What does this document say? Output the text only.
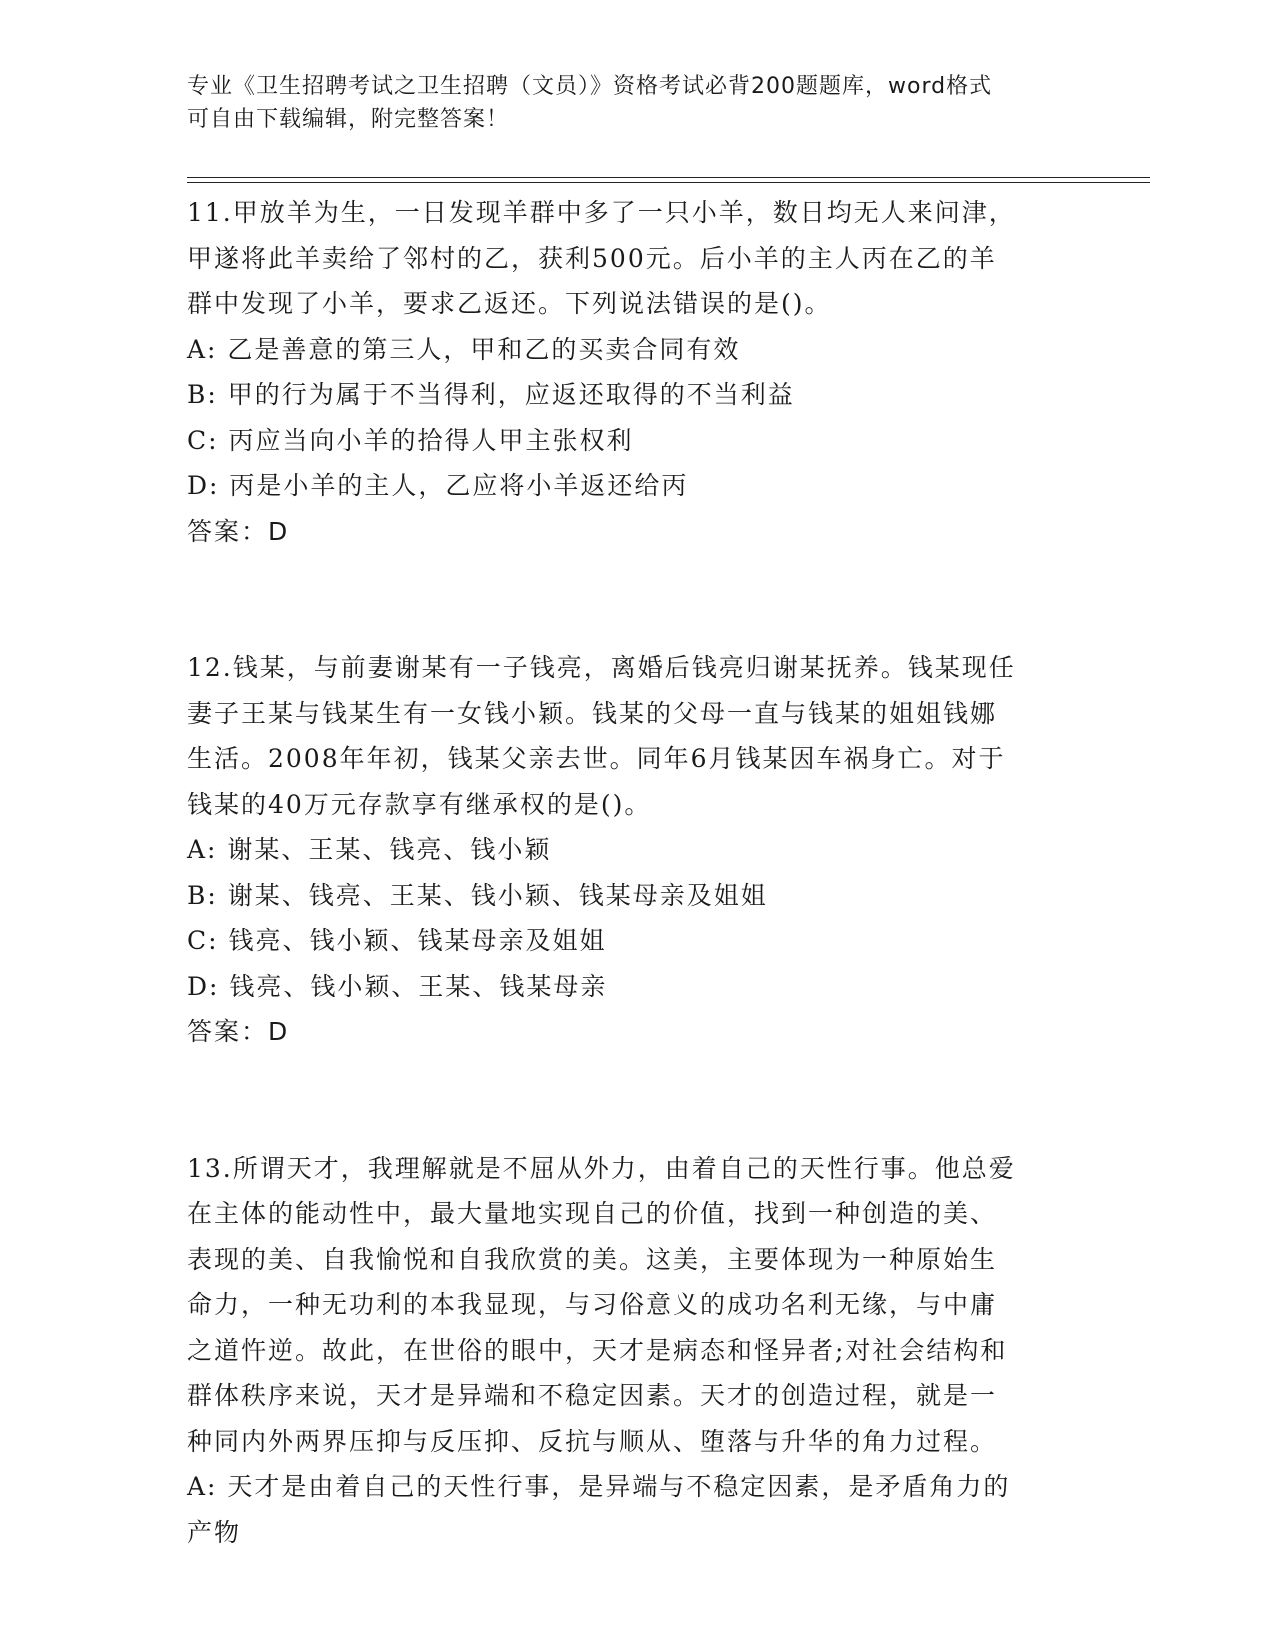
专业《卫生招聘考试之卫生招聘（文员）》资格考试必背200题题库，word格式
可自由下载编辑，附完整答案！
11.甲放羊为生，一日发现羊群中多了一只小羊，数日均无人来问津，
甲遂将此羊卖给了邻村的乙，获利500元。后小羊的主人丙在乙的羊
群中发现了小羊，要求乙返还。下列说法错误的是()。
A: 乙是善意的第三人，甲和乙的买卖合同有效
B: 甲的行为属于不当得利，应返还取得的不当利益
C: 丙应当向小羊的拾得人甲主张权利
D: 丙是小羊的主人，乙应将小羊返还给丙
答案：D
12.钱某，与前妻谢某有一子钱亮，离婚后钱亮归谢某抚养。钱某现任
妻子王某与钱某生有一女钱小颖。钱某的父母一直与钱某的姐姐钱娜
生活。2008年年初，钱某父亲去世。同年6月钱某因车祸身亡。对于
钱某的40万元存款享有继承权的是()。
A: 谢某、王某、钱亮、钱小颖
B: 谢某、钱亮、王某、钱小颖、钱某母亲及姐姐
C: 钱亮、钱小颖、钱某母亲及姐姐
D: 钱亮、钱小颖、王某、钱某母亲
答案：D
13.所谓天才，我理解就是不屈从外力，由着自己的天性行事。他总爱
在主体的能动性中，最大量地实现自己的价值，找到一种创造的美、
表现的美、自我愉悦和自我欣赏的美。这美，主要体现为一种原始生
命力，一种无功利的本我显现，与习俗意义的成功名利无缘，与中庸
之道忤逆。故此，在世俗的眼中，天才是病态和怪异者;对社会结构和
群体秩序来说，天才是异端和不稳定因素。天才的创造过程，就是一
种同内外两界压抑与反压抑、反抗与顺从、堕落与升华的角力过程。
A: 天才是由着自己的天性行事，是异端与不稳定因素，是矛盾角力的
产物
